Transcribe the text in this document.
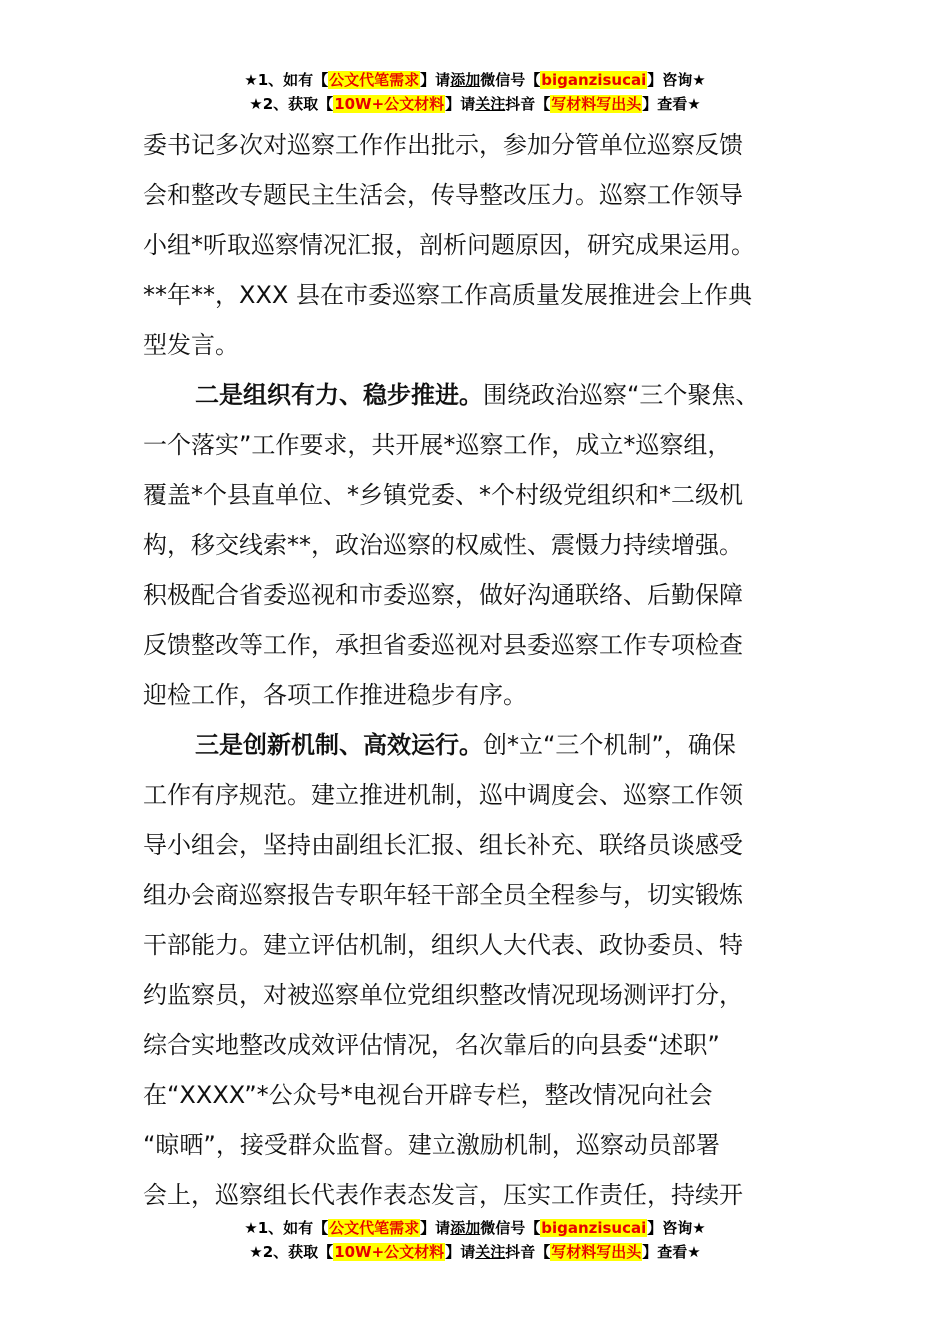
★1、如有【公文代笔需求】请添加微信号【biganzisucai】咨询★
★2、获取【10W+公文材料】请关注抖音【写材料写出头】查看★
委书记多次对巡察工作作出批示，参加分管单位巡察反馈
会和整改专题民主生活会，传导整改压力。巡察工作领导
小组*听取巡察情况汇报，剖析问题原因，研究成果运用。
**年**，XXX 县在市委巡察工作高质量发展推进会上作典
型发言。
二是组织有力、稳步推进。围绕政治巡察“三个聚焦、
一个落实”工作要求，共开展*巡察工作，成立*巡察组，
覆盖*个县直单位、*乡镇党委、*个村级党组织和*二级机
构，移交线索**，政治巡察的权威性、震慑力持续增强。
积极配合省委巡视和市委巡察，做好沟通联络、后勤保障
反馈整改等工作，承担省委巡视对县委巡察工作专项检查
迎检工作，各项工作推进稳步有序。
三是创新机制、高效运行。创*立“三个机制”，确保
工作有序规范。建立推进机制，巡中调度会、巡察工作领
导小组会，坚持由副组长汇报、组长补充、联络员谈感受
组办会商巡察报告专职年轻干部全员全程参与，切实锻炼
干部能力。建立评估机制，组织人大代表、政协委员、特
约监察员，对被巡察单位党组织整改情况现场测评打分，
综合实地整改成效评估情况，名次靠后的向县委“述职”
在“XXXX”*公众号*电视台开辟专栏，整改情况向社会
“晾晒”，接受群众监督。建立激励机制，巡察动员部署
会上，巡察组长代表作表态发言，压实工作责任，持续开
★1、如有【公文代笔需求】请添加微信号【biganzisucai】咨询★
★2、获取【10W+公文材料】请关注抖音【写材料写出头】查看★
